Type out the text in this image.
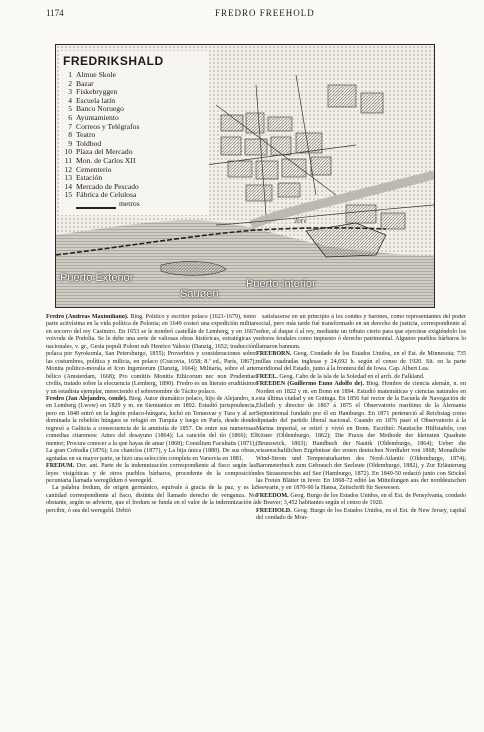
1174	FREDRO FREEHOLD
FREDRIKSHALD
1 Almue Skole
2 Bazar
3 Fiskebryggen
4 Escuela latín
5 Banco Noruego
6 Ayuntamiento
7 Correos y Telégrafos
8 Teatro
9 Toldbod
10 Plaza del Mercado
11 Mon. de Carlos XII
12 Cementerio
13 Estación
14 Mercado de Pescado
15 Fábrica de Celulosa
metros
Puerto Exterior
Sauøen
Puerto Interior
Torv

Fredro (Andreas Maximiliano). Biog. Político y escritor polaco (1621-1679), tomó parte activísima en la vida política de Polonia; en 1649 costeó una expedición militar en socorro del rey Casimiro. En 1653 se le nombró castellán de Lemberg, y en 1667 voivoda de Podolia. Se le debe una serie de valiosas obras históricas, estratégicas y nacionales, v. gr., Gesta populi Poloni sub Henrico Valesio (Danzig, 1652; traducción polaca por Syrokomla, San Petersburgo, 1855); Proverbios y consideraciones sobre las costumbres, política y milicia, en polaco (Cracovia, 1658; 8.ª ed., París, 1867); Monita politico-moralia et Icon Ingeniorum (Danzig, 1664); Militaria, sobre el arte bélico (Amsterdam, 1668); Pro comitiis Monitis Ethicorum nec non Prudentiae civilis, tratado sobre la elocuencia (Lemberg, 1890). Fredro es un literato eruditísimo y un estadista ejemplar, mereciendo el sobrenombre de Tácito polaco.

Fredro (Jan Alejandro, conde). Biog. Autor dramático polaco, hijo de Alejandro, n. en Lemberg (Lwow) en 1829 y m. en Siemianice en 1892. Estudió jurisprudencia, pero en 1848 entró en la legión polaco-húngara, luchó en Temesvar y Tura y al ser dominada la rebelión húngara se refugió en Turquía y luego en París, desde donde regresó a Galitzia a consecuencia de la amnistía de 1857. De entre sus numerosas comedias citaremos: Antes del desayuno (1864); La canción del tío (1866); El mentor; Procura conocer a la que hayas de amar (1868); Consilium Facultatis (1871); La gran Cofradía (1876); Los chanclos (1877), y La hija única (1880). De sus obras, agotadas en su mayor parte, se hizo una selección completa en Varsovia en 1881.

FREDUM. Der. ant. Parte de la indemnización correspondiente al fisco según las leyes visigóticas y de otros pueblos bárbaros, procedente de la composición pecuniaria llamada weregildum ó weregeld.

La palabra fredum, de origen germánico, equivale á gracia de la paz, y es la cantidad correspondiente al fisco, distinta del llamado derecho de venganza. No obstante, según se advierte, que el fredum se funda en el valor de la indemnización á percibir, ó sea del weregeld. Debió

satisfacerse en un principio á los condes y barones, como representantes del poder social, pero más tarde fué transformado en un derecho de justicia, correspondiente al señor, al duque ó al rey, mediante un tributo cierto para que ejerciese exigiéndolo los señores feudales como impuesto ó derecho patrimonial. Algunos pueblos bárbaros lo llamaron bannum.

FREEBORN. Geog. Condado de los Estados Unidos, en el Est. de Minnesota; 735 millas cuadradas inglesas y 24,692 h. según el censo de 1920. Sit. en la parte meridional del Estado, junto á la frontera del de Iowa. Cap. Albert Lea.

FREEL. Geog. Cabo de la isla de la Soledad en el arch. de Falkland.

FREEDEN (Guillermo Enno Adolfo de). Biog. Hombre de ciencia alemán, n. en Norden en 1822 y m. en Bonn en 1894. Estudió matemáticas y ciencias naturales en esta última ciudad y en Gotinga. En 1856 fué rector de la Escuela de Navegación de Elsfleth y director de 1867 á 1875 el Observatorio marítimo de la Alemania Septentrional fundado por él en Hamburgo. En 1871 perteneció al Reichstag como diputado del partido liberal nacional. Cuando en 1876 pasó el Observatorio á la Marina imperial, se retiró y vivió en Bonn. Escribió: Nautische Hülfstafeln, con Köster (Oldemburgo, 1862); Die Praxis der Methode der kleinsten Quadrate (Brunswick, 1863); Handbuch der Nautik (Oldemburgo, 1864); Ueber die wissenschaftlichen Ergebnisse der ersten deutschen Nordfahrt von 1868; Monatliche Wind-Strom und Temperaturkarten des Nord-Atlantic (Oldemburgo, 1874); Barometerbuch zum Gebrauch der Seeleute (Oldemburgo, 1882), y Zur Erläuterung des Strassenrechts auf See (Hamburgo, 1872). En 1849-50 redactó junto con Stöckel las Freien Blätter in Jever. En 1868-72 editó las Mitteilungen aus der norddeutschen Seewarte, y en 1870-90 la Hansa, Zeitschrift für Seewesen.

FREEDOM. Geog. Burgo de los Estados Unidos, en el Est. de Pensylvania, condado de Beaver; 3,452 habitantes según el censo de 1920.

FREEHOLD. Geog. Burgo de los Estados Unidos, en el Est. de New Jersey, capital del condado de Mon-
